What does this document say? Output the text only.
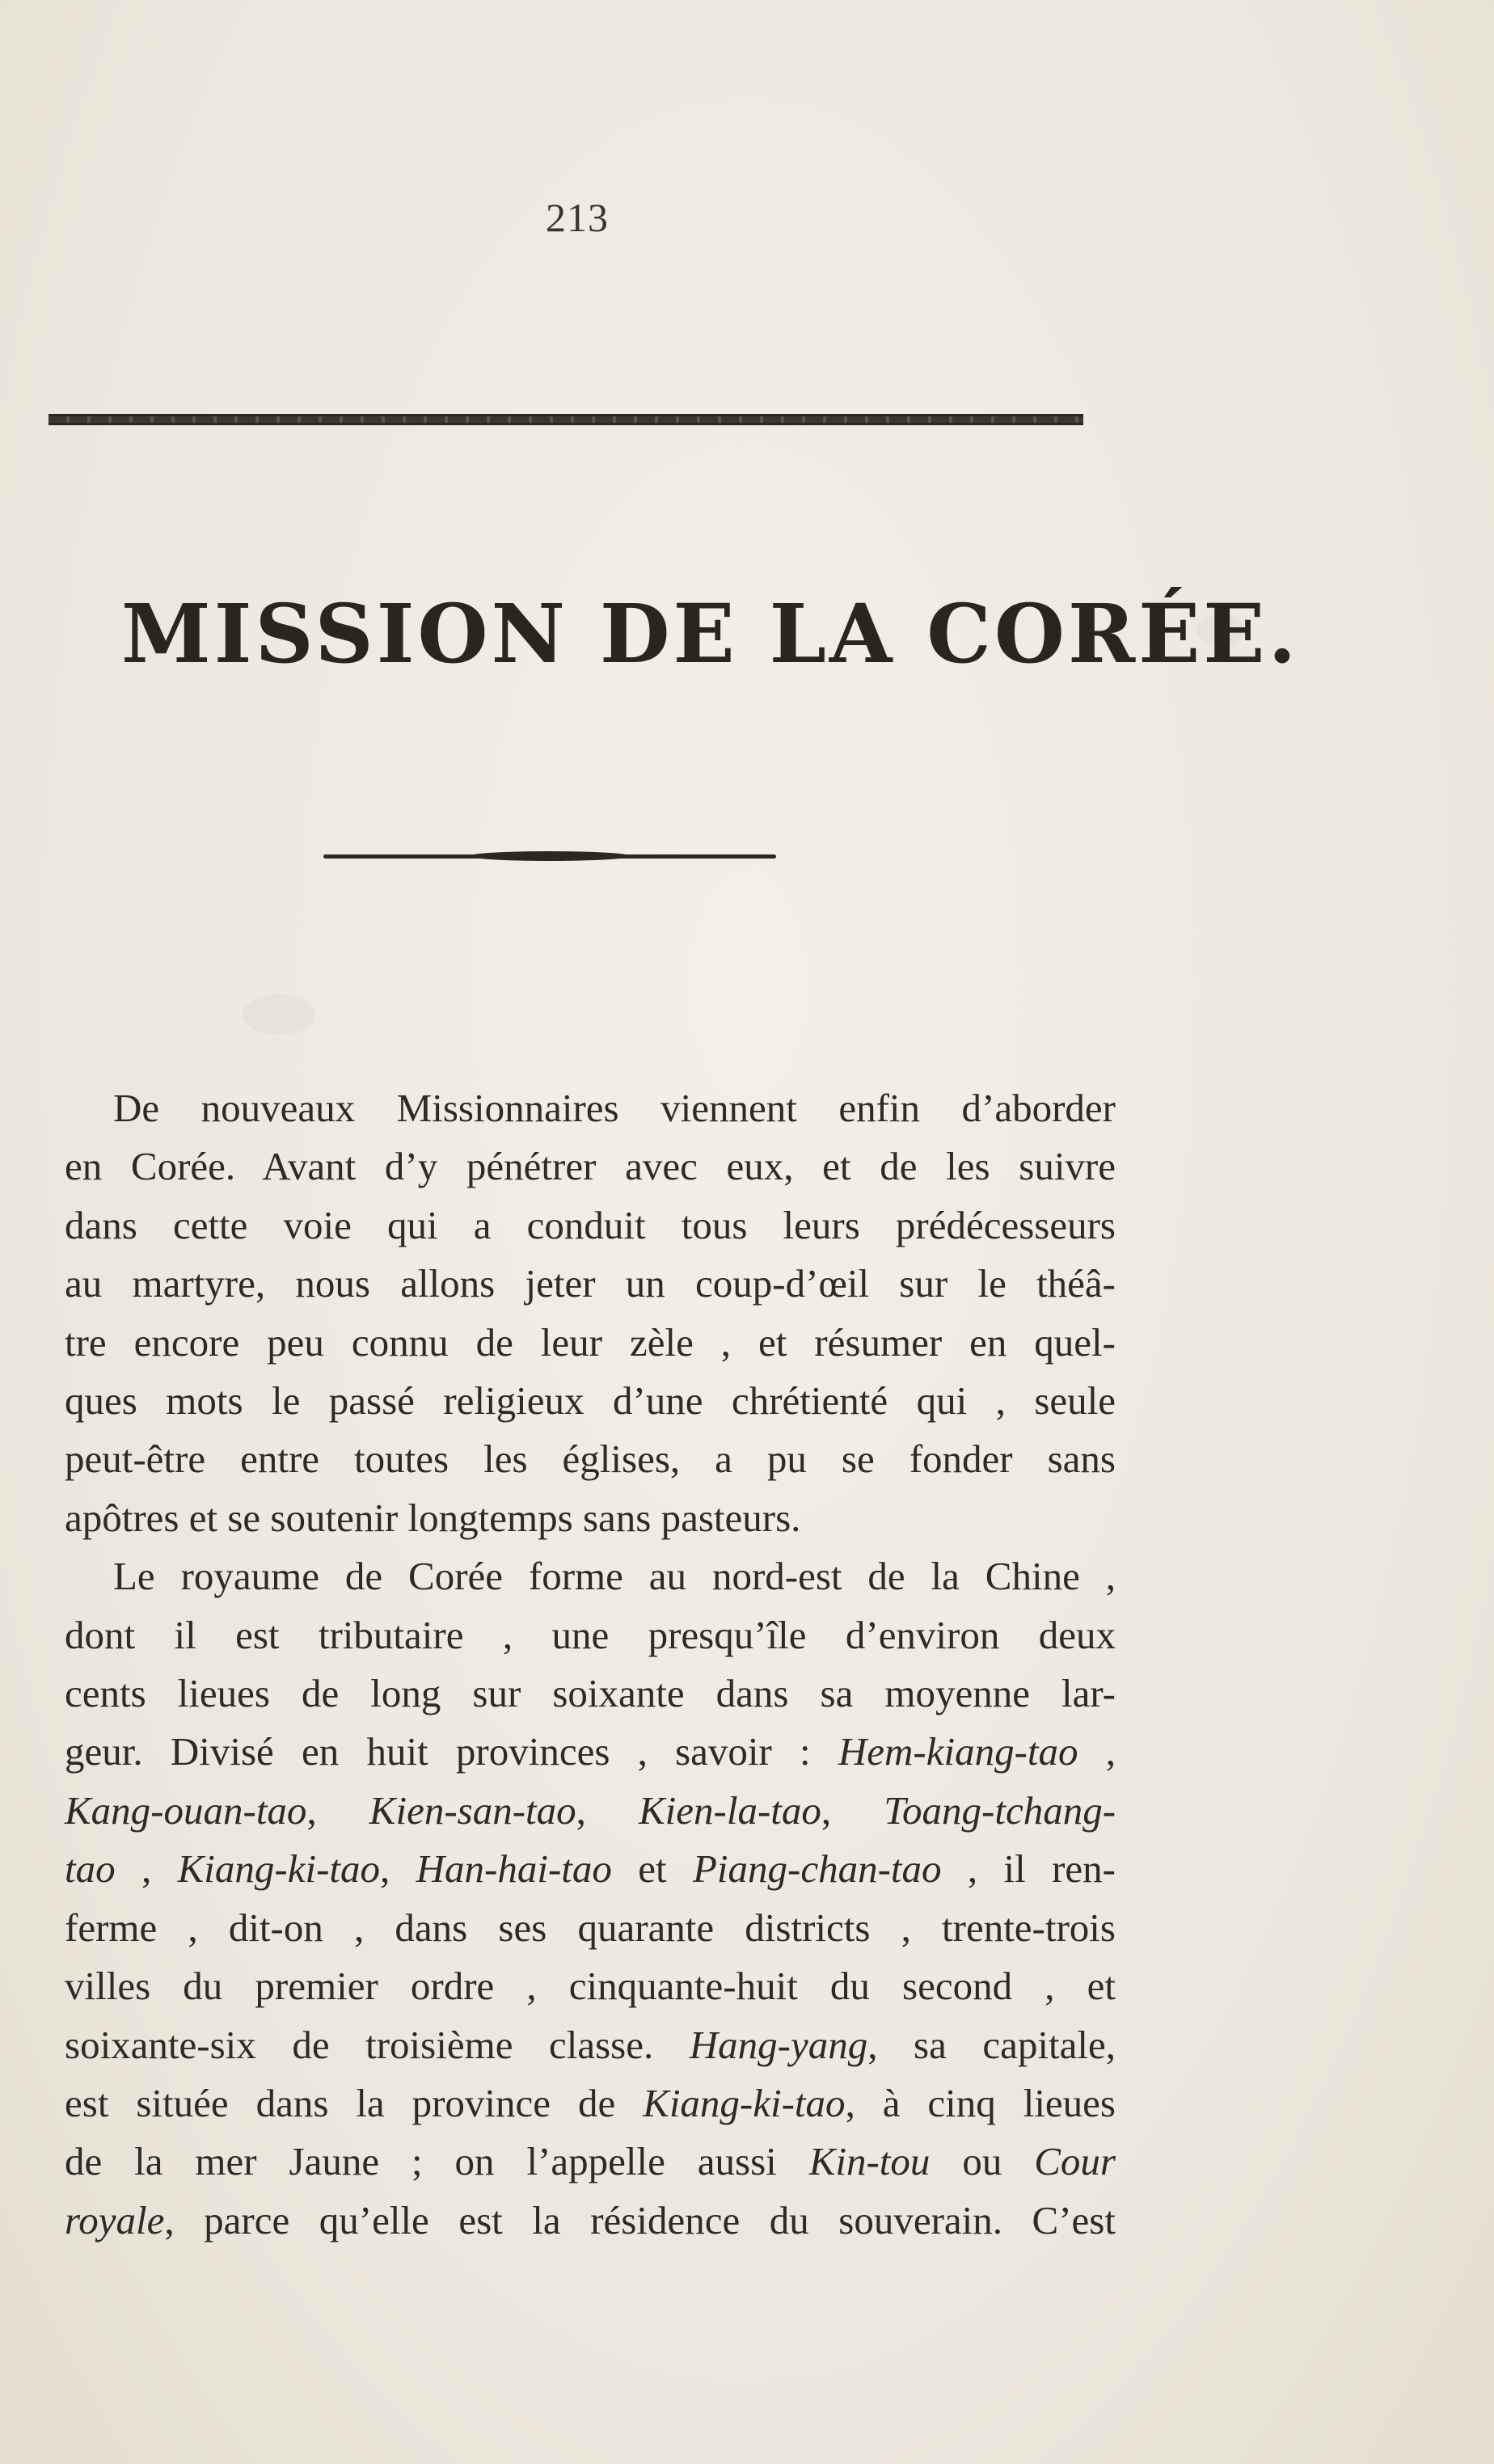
213
MISSION DE LA CORÉE.

De nouveaux Missionnaires viennent enfin d’aborder
en Corée. Avant d’y pénétrer avec eux, et de les suivre
dans cette voie qui a conduit tous leurs prédécesseurs
au martyre, nous allons jeter un coup-d’œil sur le théâ-
tre encore peu connu de leur zèle , et résumer en quel-
ques mots le passé religieux d’une chrétienté qui , seule
peut-être entre toutes les églises, a pu se fonder sans
apôtres et se soutenir longtemps sans pasteurs.

Le royaume de Corée forme au nord-est de la Chine ,
dont il est tributaire , une presqu’île d’environ deux
cents lieues de long sur soixante dans sa moyenne lar-
geur. Divisé en huit provinces , savoir : Hem-kiang-tao ,
Kang-ouan-tao, Kien-san-tao, Kien-la-tao, Toang-tchang-
tao , Kiang-ki-tao, Han-hai-tao et Piang-chan-tao , il ren-
ferme , dit-on , dans ses quarante districts , trente-trois
villes du premier ordre , cinquante-huit du second , et
soixante-six de troisième classe. Hang-yang, sa capitale,
est située dans la province de Kiang-ki-tao, à cinq lieues
de la mer Jaune ; on l’appelle aussi Kin-tou ou Cour
royale, parce qu’elle est la résidence du souverain. C’est
